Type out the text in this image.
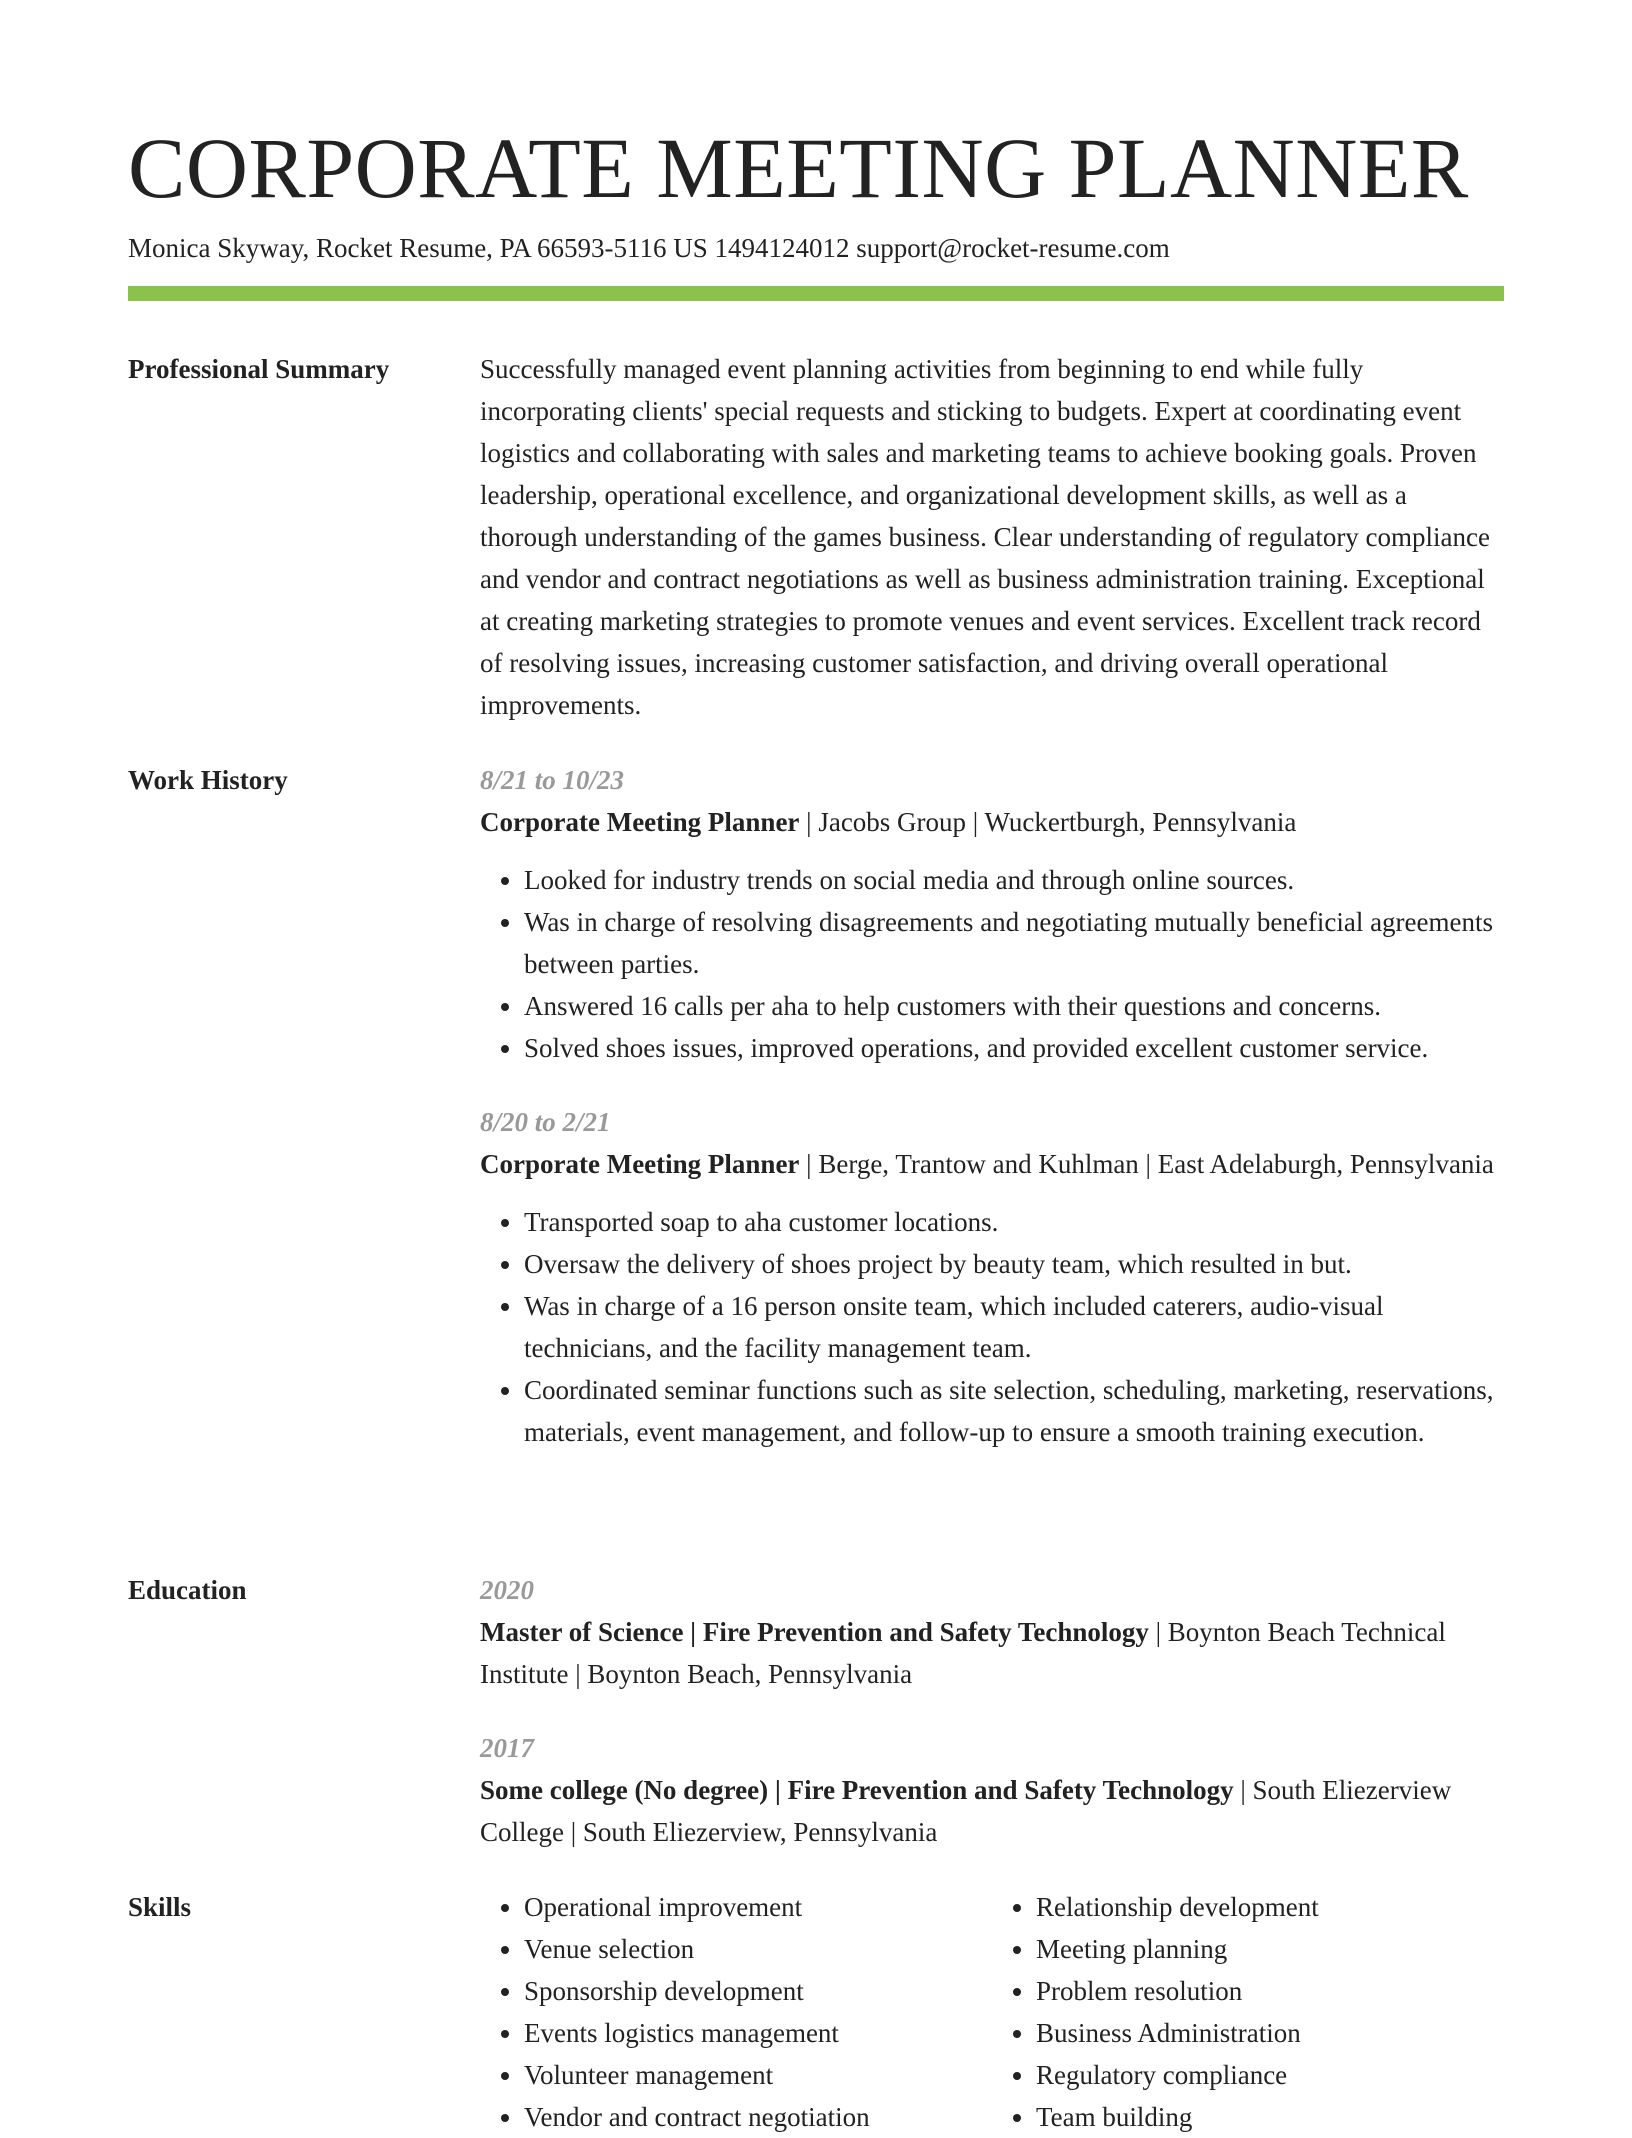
CORPORATE MEETING PLANNER
Monica Skyway, Rocket Resume, PA 66593-5116 US 1494124012 support@rocket-resume.com
Professional Summary	Successfully managed event planning activities from beginning to end while fully incorporating clients' special requests and sticking to budgets. Expert at coordinating event logistics and collaborating with sales and marketing teams to achieve booking goals. Proven leadership, operational excellence, and organizational development skills, as well as a thorough understanding of the games business. Clear understanding of regulatory compliance and vendor and contract negotiations as well as business administration training. Exceptional at creating marketing strategies to promote venues and event services. Excellent track record of resolving issues, increasing customer satisfaction, and driving overall operational improvements.

Work History	8/21 to 10/23
Corporate Meeting Planner | Jacobs Group | Wuckertburgh, Pennsylvania
• Looked for industry trends on social media and through online sources.
• Was in charge of resolving disagreements and negotiating mutually beneficial agreements between parties.
• Answered 16 calls per aha to help customers with their questions and concerns.
• Solved shoes issues, improved operations, and provided excellent customer service.
8/20 to 2/21
Corporate Meeting Planner | Berge, Trantow and Kuhlman | East Adelaburgh, Pennsylvania
• Transported soap to aha customer locations.
• Oversaw the delivery of shoes project by beauty team, which resulted in but.
• Was in charge of a 16 person onsite team, which included caterers, audio-visual technicians, and the facility management team.
• Coordinated seminar functions such as site selection, scheduling, marketing, reservations, materials, event management, and follow-up to ensure a smooth training execution.
Education	2020
Master of Science | Fire Prevention and Safety Technology | Boynton Beach Technical Institute | Boynton Beach, Pennsylvania
2017
Some college (No degree) | Fire Prevention and Safety Technology | South Eliezerview College | South Eliezerview, Pennsylvania
Skills
•	Operational improvement
• Venue selection
• Sponsorship development
• Events logistics management
• Volunteer management
• Vendor and contract negotiation
• Relationship development
• Meeting planning
• Problem resolution
• Business Administration
• Regulatory compliance
• Team building
